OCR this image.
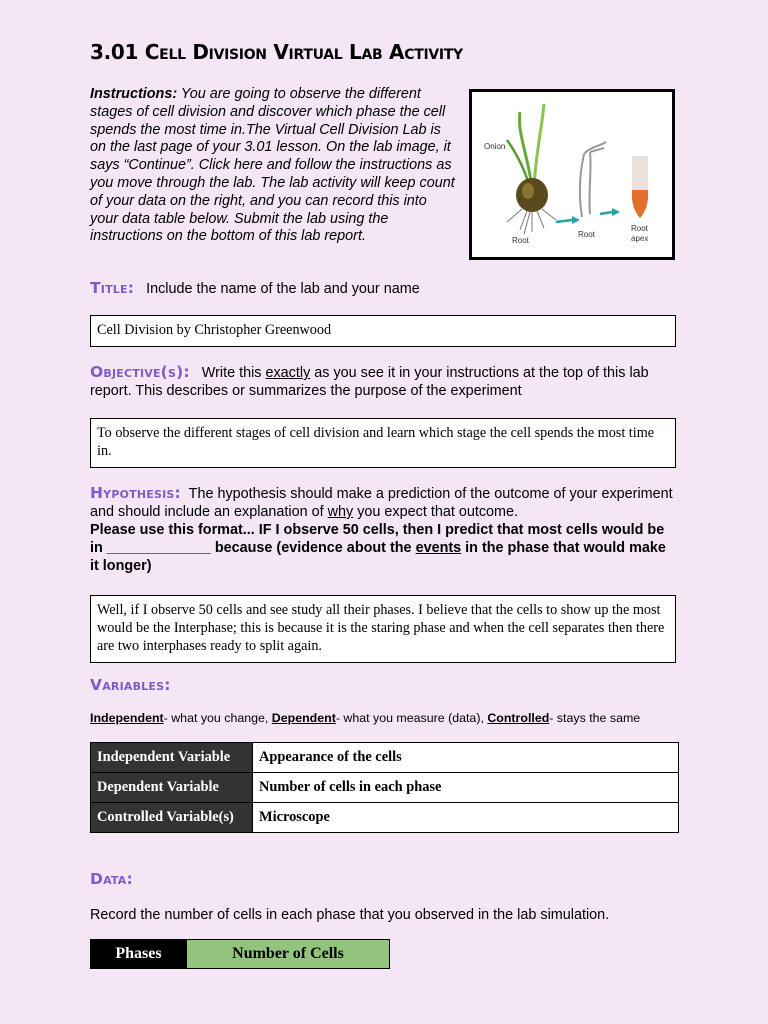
3.01 Cell Division Virtual Lab Activity
Instructions: You are going to observe the different stages of cell division and discover which phase the cell spends the most time in.The Virtual Cell Division Lab is on the last page of your 3.01 lesson. On the lab image, it says “Continue”. Click here and follow the instructions as you move through the lab. The lab activity will keep count of your data on the right, and you can record this into your data table below. Submit the lab using the instructions on the bottom of this lab report.
Onion
Root
Root
Root
apex
Title: Include the name of the lab and your name
Cell Division by Christopher Greenwood
Objective(s): Write this exactly as you see it in your instructions at the top of this lab report. This describes or summarizes the purpose of the experiment
To observe the different stages of cell division and learn which stage the cell spends the most time in.
Hypothesis: The hypothesis should make a prediction of the outcome of your experiment and should include an explanation of why you expect that outcome.
Please use this format... IF I observe 50 cells, then I predict that most cells would be in _____________ because (evidence about the events in the phase that would make it longer)
Well, if I observe 50 cells and see study all their phases. I believe that the cells to show up the most would be the Interphase; this is because it is the staring phase and when the cell separates then there are two interphases ready to split again.
Variables:
Independent- what you change, Dependent- what you measure (data), Controlled- stays the same
Independent Variable	Appearance of the cells
Dependent Variable	Number of cells in each phase
Controlled Variable(s)	Microscope
Data:
Record the number of cells in each phase that you observed in the lab simulation.
Phases	Number of Cells
